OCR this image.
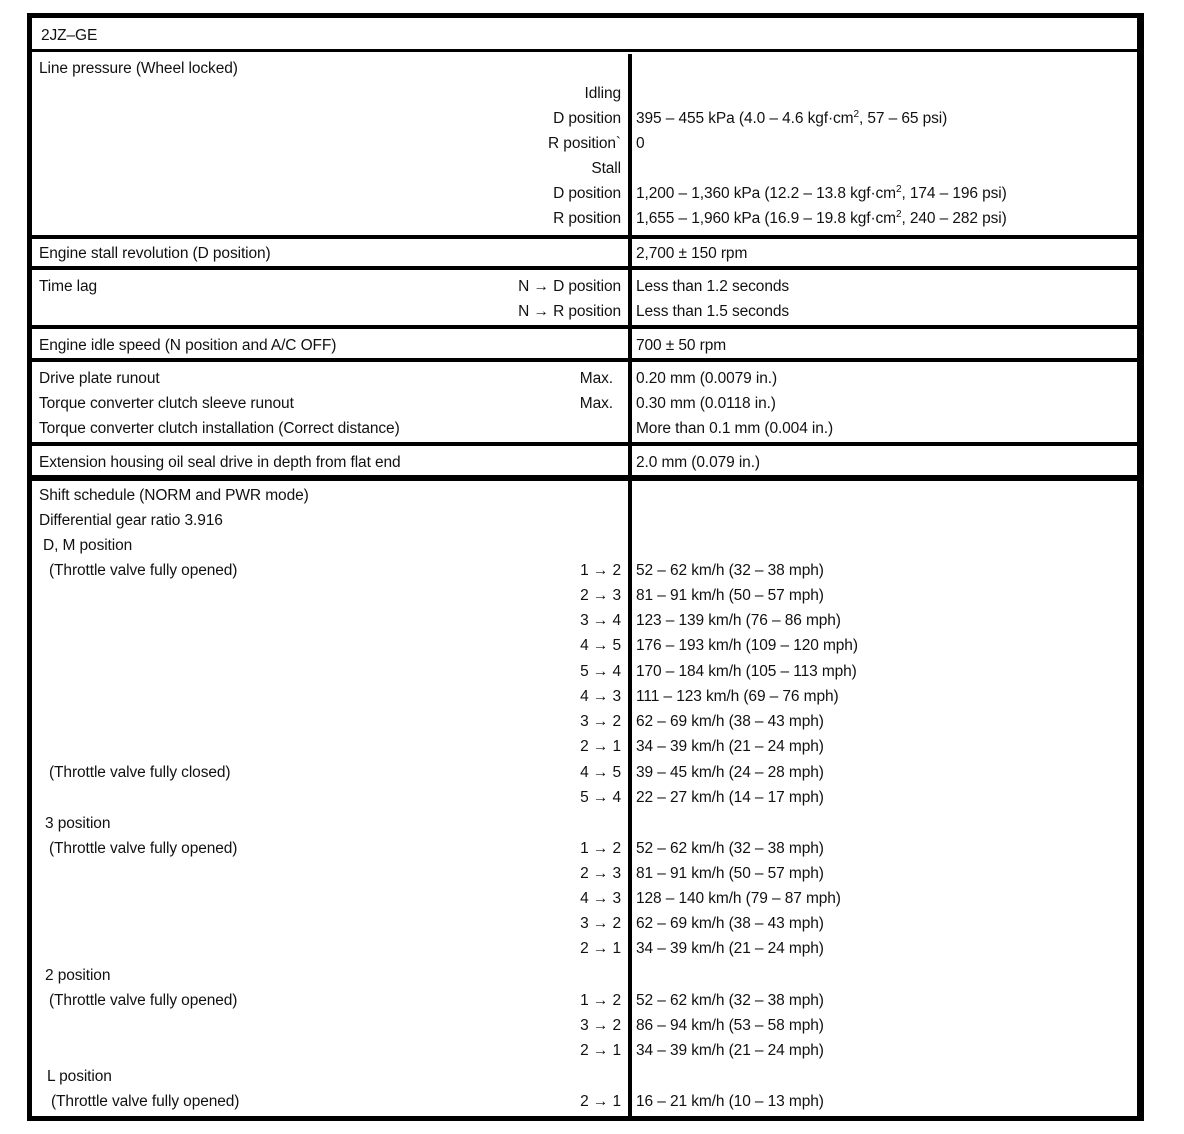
2JZ–GE
Line pressure (Wheel locked)
Idling
D position 395 – 455 kPa (4.0 – 4.6 $kgf\cdot cm^2$, 57 – 65 psi)
R position` 0
Stall
D position 1,200 – 1,360 kPa (12.2 – 13.8 $kgf\cdot cm^2$, 174 – 196 psi)
R position 1,655 – 1,960 kPa (16.9 – 19.8 $kgf\cdot cm^2$, 240 – 282 psi)
Engine stall revolution (D position)	2,700 ± 150 rpm
Time lag	N → D position Less than 1.2 seconds
N → R position Less than 1.5 seconds
Engine idle speed (N position and A/C OFF)	700 ± 50 rpm
Drive plate runout	Max. 0.20 mm (0.0079 in.)
Torque converter clutch sleeve runout	Max. 0.30 mm (0.0118 in.)
Torque converter clutch installation (Correct distance)	More than 0.1 mm (0.004 in.)
Extension housing oil seal drive in depth from flat end	2.0 mm (0.079 in.)
Shift schedule (NORM and PWR mode)
Differential gear ratio 3.916
D, M position
(Throttle valve fully opened)	1 → 2 52 – 62 km/h (32 – 38 mph)
2 → 3 81 – 91 km/h (50 – 57 mph)
3 → 4 123 – 139 km/h (76 – 86 mph)
4 → 5 176 – 193 km/h (109 – 120 mph)
5 → 4 170 – 184 km/h (105 – 113 mph)
4 → 3 111 – 123 km/h (69 – 76 mph)
3 → 2 62 – 69 km/h (38 – 43 mph)
2 → 1 34 – 39 km/h (21 – 24 mph)
(Throttle valve fully closed)	4 → 5 39 – 45 km/h (24 – 28 mph)
5 → 4 22 – 27 km/h (14 – 17 mph)
3 position
(Throttle valve fully opened)	1 → 2 52 – 62 km/h (32 – 38 mph)
2 → 3 81 – 91 km/h (50 – 57 mph)
4 → 3 128 – 140 km/h (79 – 87 mph)
3 → 2 62 – 69 km/h (38 – 43 mph)
2 → 1 34 – 39 km/h (21 – 24 mph)
2 position
(Throttle valve fully opened)	1 → 2 52 – 62 km/h (32 – 38 mph)
3 → 2 86 – 94 km/h (53 – 58 mph)
2 → 1 34 – 39 km/h (21 – 24 mph)
L position
(Throttle valve fully opened)	2 → 1 16 – 21 km/h (10 – 13 mph)
